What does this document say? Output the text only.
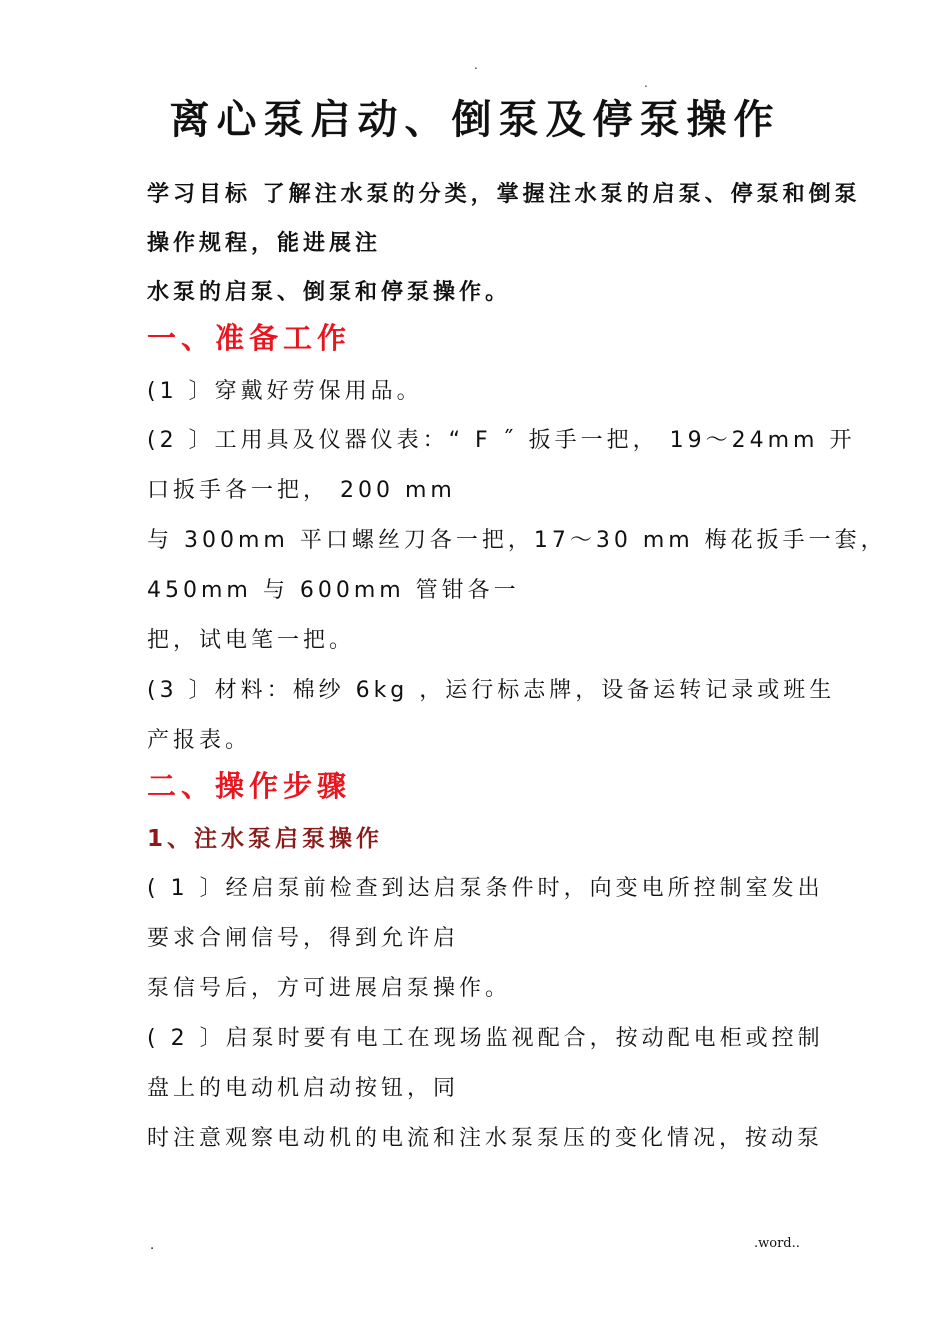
.
.
离心泵启动、倒泵及停泵操作
学习目标 了解注水泵的分类，掌握注水泵的启泵、停泵和倒泵
操作规程，能进展注
水泵的启泵、倒泵和停泵操作。
一、准备工作
(1 〕穿戴好劳保用品。
(2 〕工用具及仪器仪表：“ F ˝ 扳手一把， 19～24mm 开
口扳手各一把， 200 mm
与 300mm 平口螺丝刀各一把，17～30 mm 梅花扳手一套，
450mm 与 600mm 管钳各一
把，试电笔一把。
(3 〕材料：棉纱 6kg ，运行标志牌，设备运转记录或班生
产报表。
二、操作步骤
1、注水泵启泵操作
( 1 〕经启泵前检查到达启泵条件时，向变电所控制室发出
要求合闸信号，得到允许启
泵信号后，方可进展启泵操作。
( 2 〕启泵时要有电工在现场监视配合，按动配电柜或控制
盘上的电动机启动按钮，同
时注意观察电动机的电流和注水泵泵压的变化情况，按动泵
.	.word..
